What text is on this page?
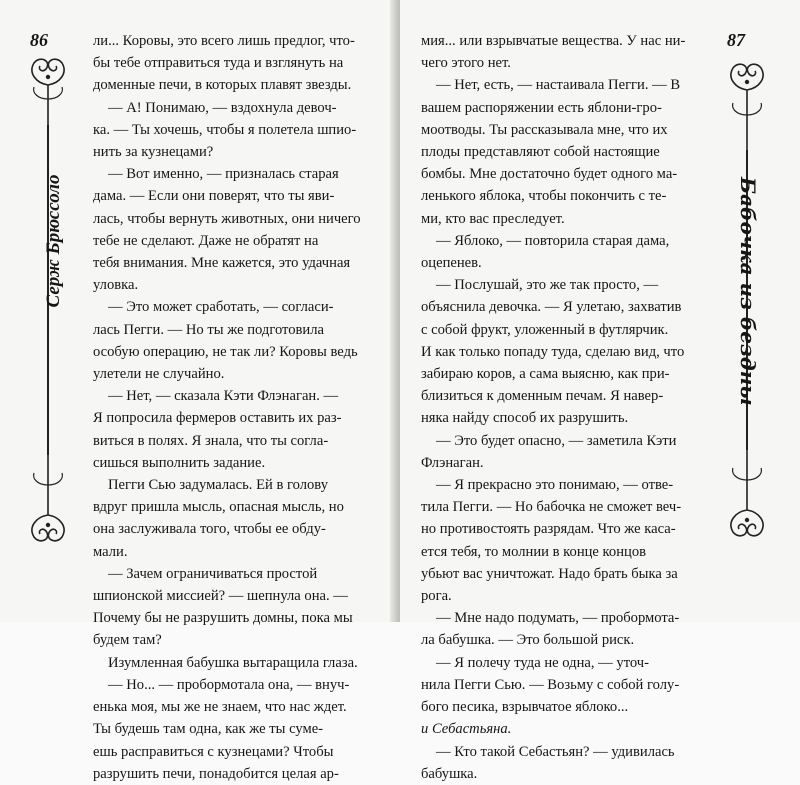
86
Серж Брюссоло

ли... Коровы, это всего лишь предлог, что-

бы тебе отправиться туда и взглянуть на

доменные печи, в которых плавят звезды.

— А! Понимаю, — вздохнула девоч-

ка. — Ты хочешь, чтобы я полетела шпио-

нить за кузнецами?

— Вот именно, — призналась старая

дама. — Если они поверят, что ты яви-

лась, чтобы вернуть животных, они ничего

тебе не сделают. Даже не обратят на

тебя внимания. Мне кажется, это удачная

уловка.

— Это может сработать, — согласи-

лась Пегги. — Но ты же подготовила

особую операцию, не так ли? Коровы ведь

улетели не случайно.

— Нет, — сказала Кэти Флэнаган. —

Я попросила фермеров оставить их раз-

виться в полях. Я знала, что ты согла-

сишься выполнить задание.

Пегги Сью задумалась. Ей в голову

вдруг пришла мысль, опасная мысль, но

она заслуживала того, чтобы ее обду-

мали.

— Зачем ограничиваться простой

шпионской миссией? — шепнула она. —

Почему бы не разрушить домны, пока мы

будем там?

Изумленная бабушка вытаращила глаза.

— Но... — пробормотала она, — внуч-

енька моя, мы же не знаем, что нас ждет.

Ты будешь там одна, как же ты суме-

ешь расправиться с кузнецами? Чтобы

разрушить печи, понадобится целая ар-

87
Бабочка из бездны

мия... или взрывчатые вещества. У нас ни-

чего этого нет.

— Нет, есть, — настаивала Пегги. — В

вашем распоряжении есть яблони-гро-

моотводы. Ты рассказывала мне, что их

плоды представляют собой настоящие

бомбы. Мне достаточно будет одного ма-

ленького яблока, чтобы покончить с те-

ми, кто вас преследует.

— Яблоко, — повторила старая дама,

оцепенев.

— Послушай, это же так просто, —

объяснила девочка. — Я улетаю, захватив

с собой фрукт, уложенный в футлярчик.

И как только попаду туда, сделаю вид, что

забираю коров, а сама выясню, как при-

близиться к доменным печам. Я навер-

няка найду способ их разрушить.

— Это будет опасно, — заметила Кэти

Флэнаган.

— Я прекрасно это понимаю, — отве-

тила Пегги. — Но бабочка не сможет веч-

но противостоять разрядам. Что же каса-

ется тебя, то молнии в конце концов

убьют вас уничтожат. Надо брать быка за

рога.

— Мне надо подумать, — пробормота-

ла бабушка. — Это большой риск.

— Я полечу туда не одна, — уточ-

нила Пегги Сью. — Возьму с собой голу-

бого песика, взрывчатое яблоко...

и Себастьяна.

— Кто такой Себастьян? — удивилась

бабушка.
